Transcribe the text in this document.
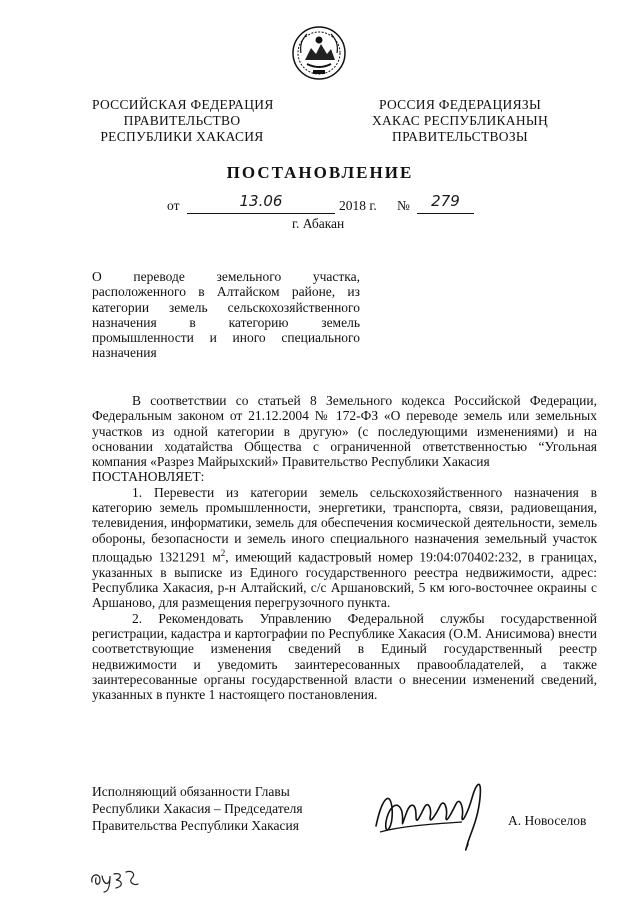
РОССИЙСКАЯ ФЕДЕРАЦИЯ
ПРАВИТЕЛЬСТВО
РЕСПУБЛИКИ ХАКАСИЯ
РОССИЯ ФЕДЕРАЦИЯЗЫ
ХАКАС РЕСПУБЛИКАНЫҢ
ПРАВИТЕЛЬСТВОЗЫ
ПОСТАНОВЛЕНИЕ
от	13.06	2018 г. №	279
г. Абакан
О переводе земельного участка, расположенного в Алтайском районе, из категории земель сельскохозяйственного назначения в категорию земель промышленности и иного специального назначения

В соответствии со статьей 8 Земельного кодекса Российской Федерации, Федеральным законом от 21.12.2004 № 172-ФЗ «О переводе земель или земельных участков из одной категории в другую» (с последующими изменениями) и на основании ходатайства Общества с ограниченной ответственностью “Угольная компания «Разрез Майрыхский» Правительство Республики Хакасия

ПОСТАНОВЛЯЕТ:

1. Перевести из категории земель сельскохозяйственного назначения в категорию земель промышленности, энергетики, транспорта, связи, радиовещания, телевидения, информатики, земель для обеспечения космической деятельности, земель обороны, безопасности и земель иного специального назначения земельный участок площадью 1321291 $м^2$, имеющий кадастровый номер 19:04:070402:232, в границах, указанных в выписке из Единого государственного реестра недвижимости, адрес: Республика Хакасия, р-н Алтайский, с/с Аршановский, 5 км юго-восточнее окраины с Аршаново, для размещения перегрузочного пункта.

2. Рекомендовать Управлению Федеральной службы государственной регистрации, кадастра и картографии по Республике Хакасия (О.М. Анисимова) внести соответствующие изменения сведений в Единый государственный реестр недвижимости и уведомить заинтересованных правообладателей, а также заинтересованные органы государственной власти о внесении изменений сведений, указанных в пункте 1 настоящего постановления.

Исполняющий обязанности Главы
Республики Хакасия – Председателя
Правительства Республики Хакасия	А. Новоселов
